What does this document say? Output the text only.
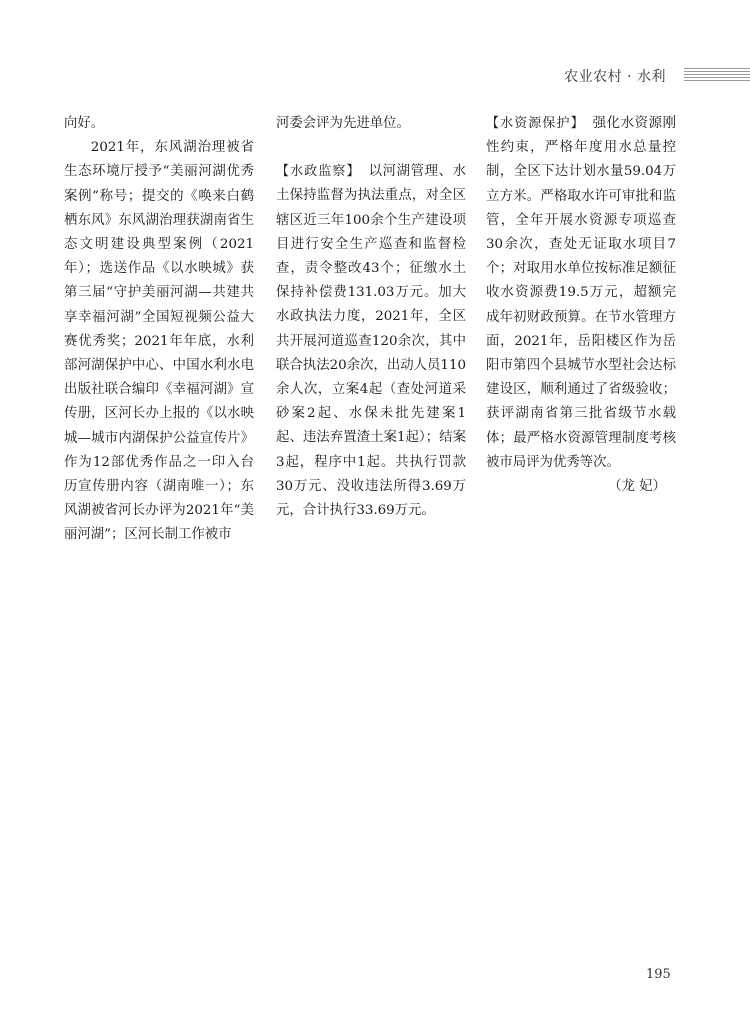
农业农村 · 水利

向好。

2021年，东风湖治理被省生态环境厅授予“美丽河湖优秀案例”称号；提交的《唤来白鹤栖东风》东风湖治理获湖南省生态文明建设典型案例（2021年）；选送作品《以水映城》获第三届“守护美丽河湖—共建共享幸福河湖”全国短视频公益大赛优秀奖；2021年年底，水利部河湖保护中心、中国水利水电出版社联合编印《幸福河湖》宣传册，区河长办上报的《以水映城—城市内湖保护公益宣传片》作为12部优秀作品之一印入台历宣传册内容（湖南唯一）；东风湖被省河长办评为2021年“美丽河湖”；区河长制工作被市

河委会评为先进单位。

【水政监察】 以河湖管理、水土保持监督为执法重点，对全区辖区近三年100余个生产建设项目进行安全生产巡查和监督检查，责令整改43个；征缴水土保持补偿费131.03万元。加大水政执法力度，2021年，全区共开展河道巡查120余次，其中联合执法20余次，出动人员110余人次，立案4起（查处河道采砂案2起、水保未批先建案1起、违法弃置渣土案1起）；结案3起，程序中1起。共执行罚款30万元、没收违法所得3.69万元，合计执行33.69万元。

【水资源保护】 强化水资源刚性约束，严格年度用水总量控制，全区下达计划水量59.04万立方米。严格取水许可审批和监管，全年开展水资源专项巡查30余次，查处无证取水项目7个；对取用水单位按标准足额征收水资源费19.5万元，超额完成年初财政预算。在节水管理方面，2021年，岳阳楼区作为岳阳市第四个县城节水型社会达标建设区，顺利通过了省级验收；获评湖南省第三批省级节水载体；最严格水资源管理制度考核被市局评为优秀等次。

（龙 妃）

195
